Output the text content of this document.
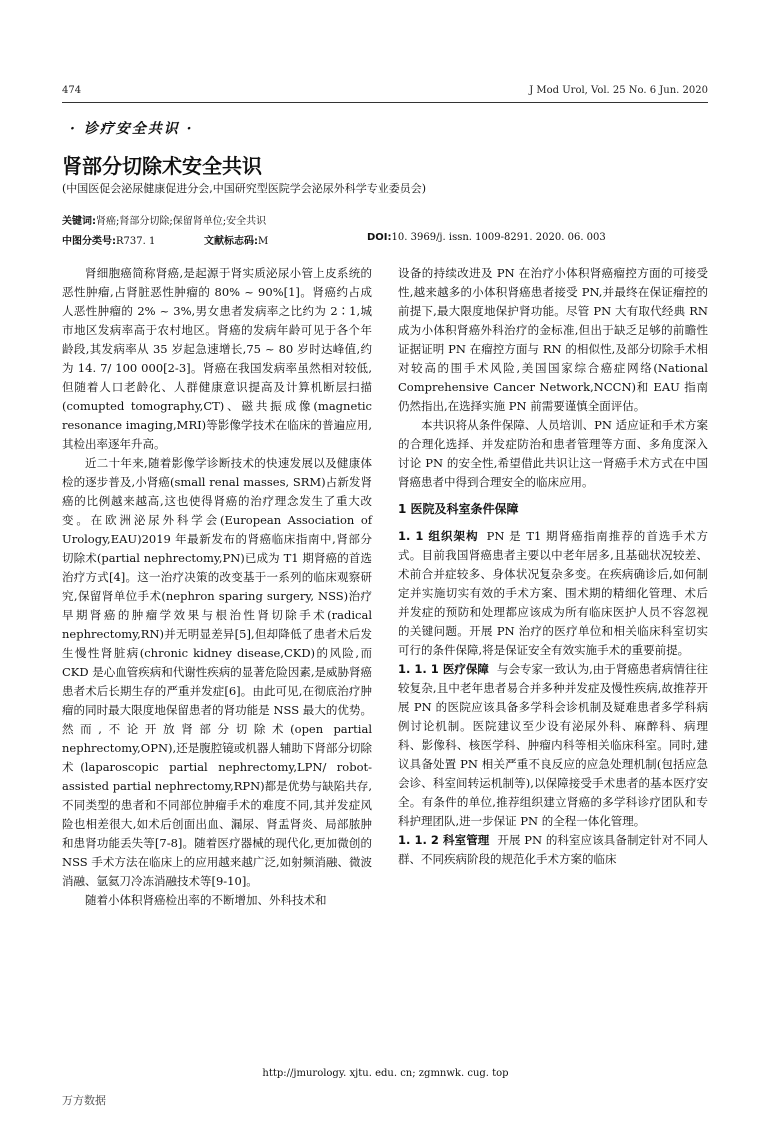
474	J Mod Urol, Vol. 25 No. 6 Jun. 2020
· 诊疗安全共识 ·
肾部分切除术安全共识
(中国医促会泌尿健康促进分会,中国研究型医院学会泌尿外科学专业委员会)
关键词:肾癌;肾部分切除;保留肾单位;安全共识
中图分类号:R737. 1	文献标志码:M	DOI:10. 3969/j. issn. 1009-8291. 2020. 06. 003

肾细胞癌简称肾癌,是起源于肾实质泌尿小管上皮系统的恶性肿瘤,占肾脏恶性肿瘤的 80% ~ 90%[1]。肾癌约占成人恶性肿瘤的 2% ~ 3%,男女患者发病率之比约为 2∶1,城市地区发病率高于农村地区。肾癌的发病年龄可见于各个年龄段,其发病率从 35 岁起急速增长,75 ~ 80 岁时达峰值,约为 14. 7/ 100 000[2-3]。肾癌在我国发病率虽然相对较低,但随着人口老龄化、人群健康意识提高及计算机断层扫描(comupted tomography,CT)、磁共振成像(magnetic resonance imaging,MRI)等影像学技术在临床的普遍应用,其检出率逐年升高。

近二十年来,随着影像学诊断技术的快速发展以及健康体检的逐步普及,小肾癌(small renal masses, SRM)占新发肾癌的比例越来越高,这也使得肾癌的治疗理念发生了重大改变。在欧洲泌尿外科学会(European Association of Urology,EAU)2019 年最新发布的肾癌临床指南中,肾部分切除术(partial nephrectomy,PN)已成为 T1 期肾癌的首选治疗方式[4]。这一治疗决策的改变基于一系列的临床观察研究,保留肾单位手术(nephron sparing surgery, NSS)治疗早期肾癌的肿瘤学效果与根治性肾切除手术(radical nephrectomy,RN)并无明显差异[5],但却降低了患者术后发生慢性肾脏病(chronic kidney disease,CKD)的风险,而 CKD 是心血管疾病和代谢性疾病的显著危险因素,是威胁肾癌患者术后长期生存的严重并发症[6]。由此可见,在彻底治疗肿瘤的同时最大限度地保留患者的肾功能是 NSS 最大的优势。然而,不论开放肾部分切除术(open partial nephrectomy,OPN),还是腹腔镜或机器人辅助下肾部分切除术(laparoscopic partial nephrectomy,LPN/ robot-assisted partial nephrectomy,RPN)都是优势与缺陷共存,不同类型的患者和不同部位肿瘤手术的难度不同,其并发症风险也相差很大,如术后创面出血、漏尿、肾盂肾炎、局部脓肿和患肾功能丢失等[7-8]。随着医疗器械的现代化,更加微创的 NSS 手术方法在临床上的应用越来越广泛,如射频消融、微波消融、氩氦刀冷冻消融技术等[9-10]。

随着小体积肾癌检出率的不断增加、外科技术和

设备的持续改进及 PN 在治疗小体积肾癌瘤控方面的可接受性,越来越多的小体积肾癌患者接受 PN,并最终在保证瘤控的前提下,最大限度地保护肾功能。尽管 PN 大有取代经典 RN 成为小体积肾癌外科治疗的金标准,但出于缺乏足够的前瞻性证据证明 PN 在瘤控方面与 RN 的相似性,及部分切除手术相对较高的围手术风险,美国国家综合癌症网络(National Comprehensive Cancer Network,NCCN)和 EAU 指南仍然指出,在选择实施 PN 前需要谨慎全面评估。

本共识将从条件保障、人员培训、PN 适应证和手术方案的合理化选择、并发症防治和患者管理等方面、多角度深入讨论 PN 的安全性,希望借此共识让这一肾癌手术方式在中国肾癌患者中得到合理安全的临床应用。

1 医院及科室条件保障

1. 1 组织架构 PN 是 T1 期肾癌指南推荐的首选手术方式。目前我国肾癌患者主要以中老年居多,且基础状况较差、术前合并症较多、身体状况复杂多变。在疾病确诊后,如何制定并实施切实有效的手术方案、围术期的精细化管理、术后并发症的预防和处理都应该成为所有临床医护人员不容忽视的关键问题。开展 PN 治疗的医疗单位和相关临床科室切实可行的条件保障,将是保证安全有效实施手术的重要前提。

1. 1. 1 医疗保障 与会专家一致认为,由于肾癌患者病情往往较复杂,且中老年患者易合并多种并发症及慢性疾病,故推荐开展 PN 的医院应该具备多学科会诊机制及疑难患者多学科病例讨论机制。医院建议至少设有泌尿外科、麻醉科、病理科、影像科、核医学科、肿瘤内科等相关临床科室。同时,建议具备处置 PN 相关严重不良反应的应急处理机制(包括应急会诊、科室间转运机制等),以保障接受手术患者的基本医疗安全。有条件的单位,推荐组织建立肾癌的多学科诊疗团队和专科护理团队,进一步保证 PN 的全程一体化管理。

1. 1. 2 科室管理 开展 PN 的科室应该具备制定针对不同人群、不同疾病阶段的规范化手术方案的临床

http://jmurology. xjtu. edu. cn; zgmnwk. cug. top
万方数据
